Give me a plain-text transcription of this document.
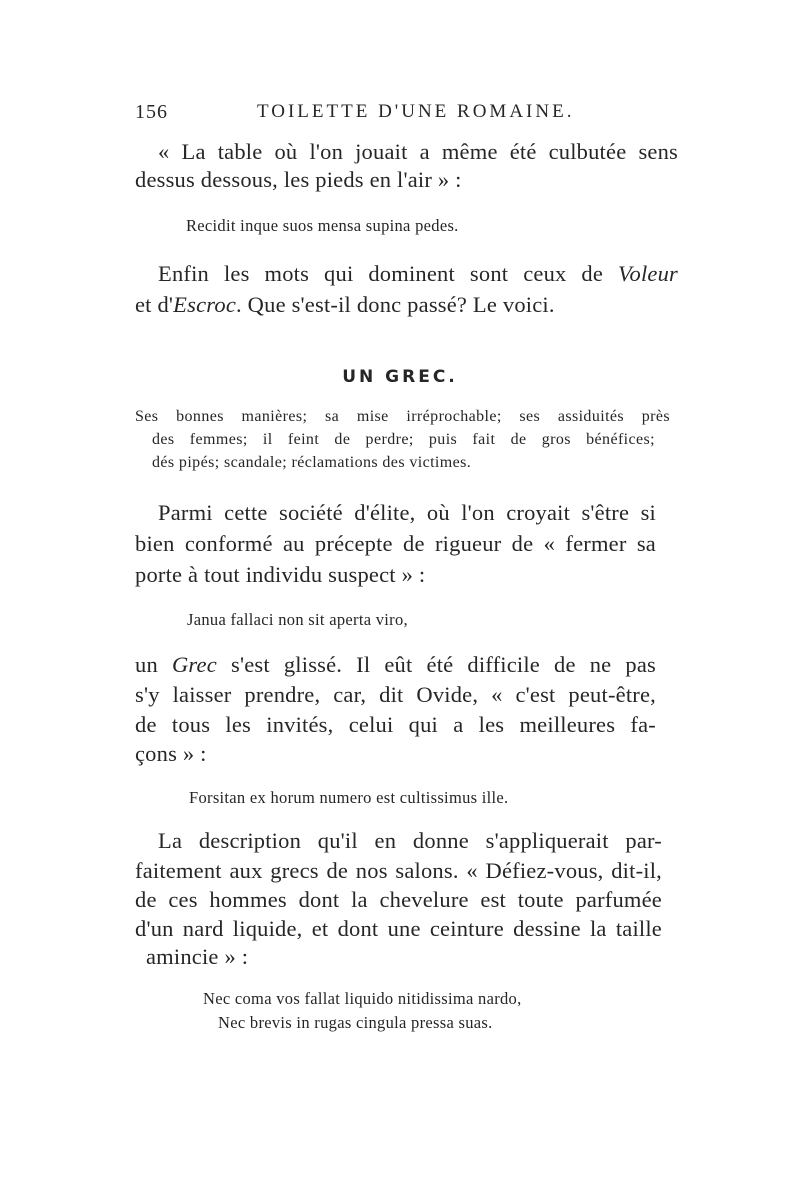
156	TOILETTE D'UNE ROMAINE.
« La table où l'on jouait a même été culbutée sens
dessus dessous, les pieds en l'air » :
Recidit inque suos mensa supina pedes.
Enfin les mots qui dominent sont ceux de Voleur
et d'Escroc. Que s'est-il donc passé? Le voici.
UN GREC.
Ses bonnes manières; sa mise irréprochable; ses assiduités près
des femmes; il feint de perdre; puis fait de gros bénéfices;
dés pipés; scandale; réclamations des victimes.
Parmi cette société d'élite, où l'on croyait s'être si
bien conformé au précepte de rigueur de « fermer sa
porte à tout individu suspect » :
Janua fallaci non sit aperta viro,
un Grec s'est glissé. Il eût été difficile de ne pas
s'y laisser prendre, car, dit Ovide, « c'est peut-être,
de tous les invités, celui qui a les meilleures fa-
çons » :
Forsitan ex horum numero est cultissimus ille.
La description qu'il en donne s'appliquerait par-
faitement aux grecs de nos salons. « Défiez-vous, dit-il,
de ces hommes dont la chevelure est toute parfumée
d'un nard liquide, et dont une ceinture dessine la taille
amincie » :
Nec coma vos fallat liquido nitidissima nardo,
Nec brevis in rugas cingula pressa suas.
